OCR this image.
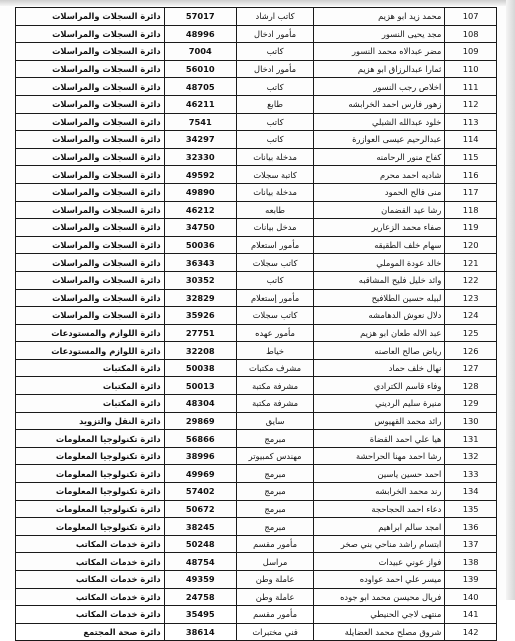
دائرة السجلات والمراسلات	57017	كاتب ارشاد	محمد زيد ابو هزيم	107
دائرة السجلات والمراسلات	48996	مأمور ادخال	مجد يحيى النسور	108
دائرة السجلات والمراسلات	7004	كاتب	مضر عبدالاه محمد النسور	109
دائرة السجلات والمراسلات	56010	مأمور ادخال	ثمارا عبدالرزاق ابو هزيم	110
دائرة السجلات والمراسلات	48705	كاتب	اخلاص رجب النسور	111
دائرة السجلات والمراسلات	46211	طابع	زهور فارس احمد الخرابشه	112
دائرة السجلات والمراسلات	7541	كاتب	خلود عبدالله الشبلي	113
دائرة السجلات والمراسلات	34297	كاتب	عبدالرحيم عيسى العوازرة	114
دائرة السجلات والمراسلات	32330	مدخلة بيانات	كفاح منور الرحامنه	115
دائرة السجلات والمراسلات	49592	كاتبة سجلات	شاديه احمد محرم	116
دائرة السجلات والمراسلات	49890	مدخلة بيانات	منى فالح الحمود	117
دائرة السجلات والمراسلات	46212	طابعه	رشا عيد القضمان	118
دائرة السجلات والمراسلات	34750	مدخل بيانات	صفاء محمد الزعارير	119
دائرة السجلات والمراسلات	50036	مأمور استعلام	سهام خلف الطقيقه	120
دائرة السجلات والمراسلات	36343	كاتب سجلات	خالد عودة الموملي	121
دائرة السجلات والمراسلات	30352	كاتب	وائد خليل فليح المشاقبه	122
دائرة السجلات والمراسلات	32829	مأمور إستعلام	لبيله حسين الطلافيح	123
دائرة السجلات والمراسلات	35926	كاتب سجلات	دلال نعوش الدهامشه	124
دائرة اللوازم والمستودعات	27751	مأمور عهده	عبد الاله طعان ابو هزيم	125
دائرة اللوازم والمستودعات	32208	خياط	رياض صالح العاصنه	126
دائرة المكتبات	50038	مشرف مكتبات	نهال خلف حماد	127
دائرة المكتبات	50013	مشرفة مكتبة	وفاء قاسم الكترادي	128
دائرة المكتبات	48304	مشرفة مكتبة	منيرة سليم الرديني	129
دائرة النقل والتزويد	29869	سايق	رائد محمد القهيوس	130
دائرة تكنولوجيا المعلومات	56866	مبرمج	هيا علي احمد القضاة	131
دائرة تكنولوجيا المعلومات	38996	مهندس كمبيوتر	رشا احمد مهنا الحراحشة	132
دائرة تكنولوجيا المعلومات	49969	مبرمج	احمد حسين ياسين	133
دائرة تكنولوجيا المعلومات	57402	مبرمج	رند محمد الخرابشه	134
دائرة تكنولوجيا المعلومات	50672	مبرمج	دعاء احمد الحجاحجة	135
دائرة تكنولوجيا المعلومات	38245	مبرمج	امجد سالم ابراهيم	136
دائرة خدمات المكاتب	50248	مأمور مقسم	ابتسام راشد مناحي بني صخر	137
دائرة خدمات المكاتب	48754	مراسل	فواز عوني عبيدات	138
دائرة خدمات المكاتب	49359	عاملة وطن	ميسر علي احمد عواوده	139
دائرة خدمات المكاتب	24758	عاملة وطن	فريال محيسن محمد ابو جوده	140
دائرة خدمات المكاتب	35495	مأمور مقسم	منتهى لاجي الحنيطي	141
دائرة صحة المجتمع	38614	فني مختبرات	شروق مصلح محمد العضايلة	142
